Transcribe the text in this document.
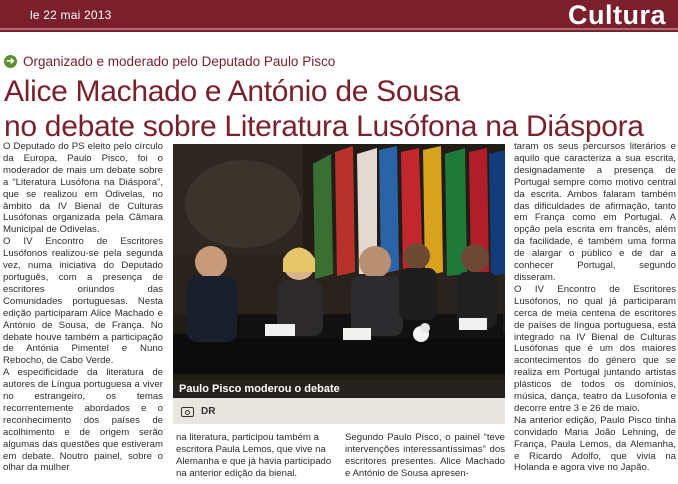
le 22 mai 2013	Cultura
➜ Organizado e moderado pelo Deputado Paulo Pisco
Alice Machado e António de Sousa
no debate sobre Literatura Lusófona na Diáspora

O Deputado do PS eleito pelo círculo da Europa, Paulo Pisco, foi o moderador de mais um debate sobre a “Literatura Lusófona na Diáspora”, que se realizou em Odivelas, no âmbito da IV Bienal de Culturas Lusófonas organizada pela Câmara Municipal de Odivelas.

O IV Encontro de Escritores Lusófonos realizou-se pela segunda vez, numa iniciativa do Deputado português, com a presença de escritores oriundos das Comunidades portuguesas. Nesta edição participaram Alice Machado e António de Sousa, de França. No debate houve também a participação de Antónia Pimentel e Nuno Rebocho, de Cabo Verde.

A especificidade da literatura de autores de Língua portuguesa a viver no estrangeiro, os temas recorrentemente abordados e o reconhecimento dos países de acolhimento e de origem serão algumas das questões que estiveram em debate. Noutro painel, sobre o olhar da mulher

Paulo Pisco moderou o debate
DR

na literatura, participou também a escritora Paula Lemos, que vive na Alemanha e que já havia participado na anterior edição da bienal.

Segundo Paulo Pisco, o painel “teve intervenções interessantíssimas” dos escritores presentes. Alice Machado e António de Sousa apresen-

taram os seus percursos literários e aquilo que caracteriza a sua escrita, designadamente a presença de Portugal sempre como motivo central da escrita. Ambos falaram também das dificuldades de afirmação, tanto em França como em Portugal. A opção pela escrita em francês, além da facilidade, é também uma forma de alargar o público e de dar a conhecer Portugal, segundo disseram.

O IV Encontro de Escritores Lusófonos, no qual já participaram cerca de meia centena de escritores de países de língua portuguesa, está integrado na IV Bienal de Culturas Lusófonas que é um dos maiores acontecimentos do género que se realiza em Portugal juntando artistas plásticos de todos os domínios, música, dança, teatro da Lusofonia e decorre entre 3 e 26 de maio.

Na anterior edição, Paulo Pisco tinha convidado Maria João Lehning, de França, Paula Lemos, da Alemanha, e Ricardo Adolfo, que vivia na Holanda e agora vive no Japão.
